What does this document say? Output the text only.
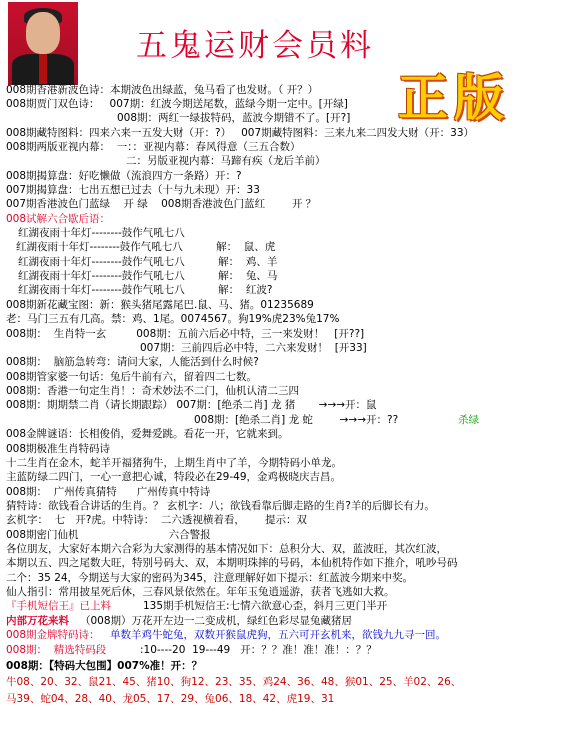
五鬼运财会员料
正版
008期香港新波色诗：本期波色出绿蓝，兔马看了也发财。（ 开？）
008期贾门双色诗：   007期：红波今期送尾数，蓝绿今期一定中。[开绿]
008期：两红一绿拔特码，蓝波今期错不了。[开?]
008期藏特图料：四来六来一五发大财（开：?）   007期藏特图料：三来九来二四发大财（开：33）
008期两版亚视内幕：  一：：亚视内幕：春风得意（三五合数）
二：另版亚视内幕：马蹄有疾（龙后羊前）
008期揭算盘：好吃懒做（流浪四方一条路）开：?
007期揭算盘：七出五想已过去（十与九未现）开：33
007期香港波色门蓝绿    开 绿    008期香港波色门蓝红        开 ？
008试解六合歇后语：
红湖夜雨十年灯--------鼓作气吼七八
红湖夜雨十年灯--------鼓作气吼七八          解：  鼠、虎
红湖夜雨十年灯--------鼓作气吼七八          解：  鸡、羊
红湖夜雨十年灯--------鼓作气吼七八          解：  兔、马
红湖夜雨十年灯--------鼓作气吼七八          解：  红波?
008期新花藏宝图：新：猴头猪尾露尾巴.鼠、马、猪。01235689
老：马门三五有几高。禁：鸡、1尾。0074567。狗19%虎23%兔17%
008期：  生肖特一玄         008期：五前六后必中特，三一来发财！   [开??]
007期：三前四后必中特，二六来发财！  [开33]
008期：  脑筋急转弯：请问大家，人能活到什么时候?
008期管家婆一句话：兔后牛前有六，留着四二七数。
008期：香港一句定生肖！：奇术妙法不二门，仙机认清二三四
008期：期期禁二肖（请长期跟踪） 007期：[绝杀二肖] 龙 猪       →→→开：鼠
008期：[绝杀二肖] 龙 蛇        →→→开：??	杀绿
008金牌谜语：长相俊俏，爱舞爱跳。看花一开，它就来到。
008期极准生肖特码诗
十二生肖在金木，蛇羊开福猪狗牛，上期生肖中了羊，今期特码小单龙。
主蓝防绿二四门，一心一意把心诚，特段必在29-49，金鸡极晓庆吉昌。
008期：  广州传真猜特      广州传真中特诗
猜特诗：欲钱看合讲话的生肖。？ 玄机字：八；欲钱看靠后脚走路的生肖?羊的后脚长有力。
玄机字：  七   开?虎。中特诗：  二六透视横着看，      提示：双
008期密门仙机                           六合警报
各位朋友，大家好本期六合彩为大家测得的基本情况如下：总积分大、双，蓝波旺，其次红波，
本期以五、四之尾数大旺，特别号码大、双，本期明珠摔的号码，本仙机特作如下推介，吼吵号码
二个：35 24，今期送与大家的密码为345，注意理解好如下提示：红蓝波今期来中奖。
仙人指引：常用披星死后休，三春风景依然在。年年玉兔逍遥游，获者飞逃如大救。
『手机短信王』已上料	135期手机短信王:七情六欲意心歪，斜月三更门半开
内部万花来料 （008期）万花开左边一二变成机，绿红色彩尽显兔藏猪居
008期金牌特码诗： 单数羊鸡牛蛇兔，双数开猴鼠虎狗，五六可开玄机来，欲钱九九寻一回。
008期：  精选特码段	:10----20  19---49   开：？？准！准！准！：？？
008期：【特码大包围】007%准！开：？
牛08、20、32、鼠21、45、猪10、狗12、23、35、鸡24、36、48、猴01、25、羊02、26、
马39、蛇04、28、40、龙05、17、29、兔06、18、42、虎19、31
